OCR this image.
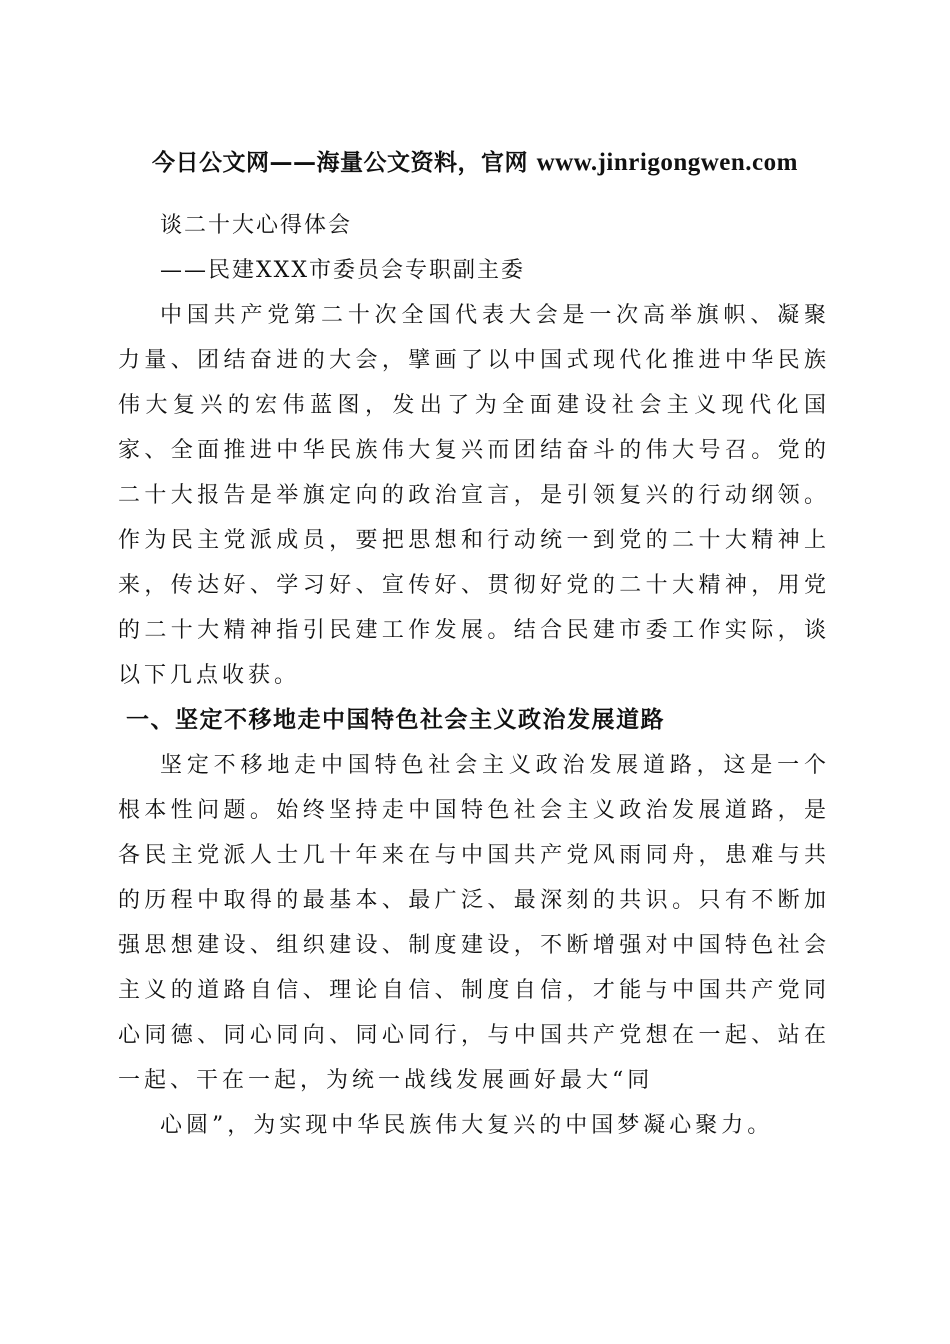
今日公文网——海量公文资料，官网 www.jinrigongwen.com
谈二十大心得体会
——民建XXX市委员会专职副主委

中国共产党第二十次全国代表大会是一次高举旗帜、凝聚力量、团结奋进的大会，擘画了以中国式现代化推进中华民族伟大复兴的宏伟蓝图，发出了为全面建设社会主义现代化国家、全面推进中华民族伟大复兴而团结奋斗的伟大号召。党的二十大报告是举旗定向的政治宣言，是引领复兴的行动纲领。作为民主党派成员，要把思想和行动统一到党的二十大精神上来，传达好、学习好、宣传好、贯彻好党的二十大精神，用党的二十大精神指引民建工作发展。结合民建市委工作实际，谈以下几点收获。

一、坚定不移地走中国特色社会主义政治发展道路

坚定不移地走中国特色社会主义政治发展道路，这是一个根本性问题。始终坚持走中国特色社会主义政治发展道路，是各民主党派人士几十年来在与中国共产党风雨同舟，患难与共的历程中取得的最基本、最广泛、最深刻的共识。只有不断加强思想建设、组织建设、制度建设，不断增强对中国特色社会主义的道路自信、理论自信、制度自信，才能与中国共产党同心同德、同心同向、同心同行，与中国共产党想在一起、站在一起、干在一起，为统一战线发展画好最大“同

心圆”，为实现中华民族伟大复兴的中国梦凝心聚力。
